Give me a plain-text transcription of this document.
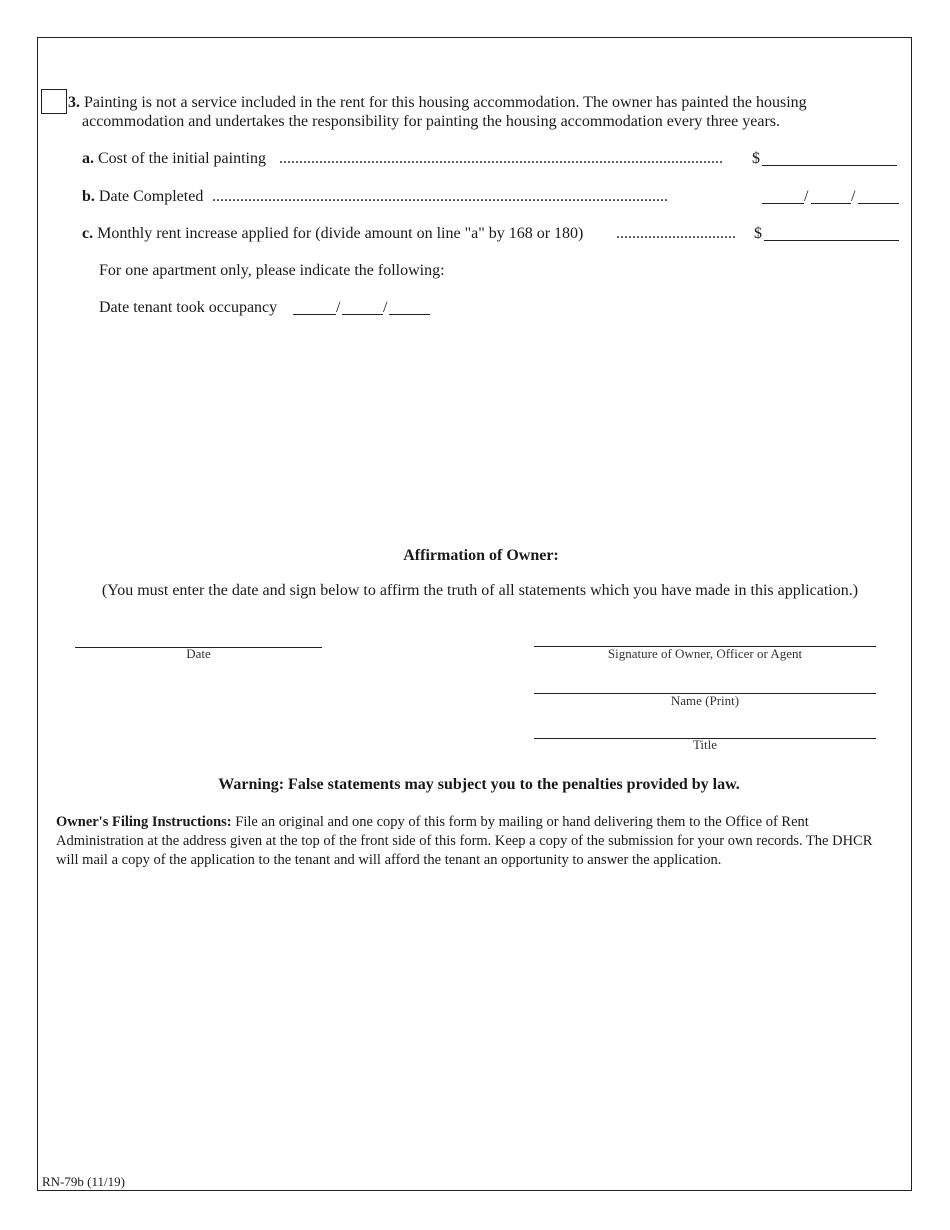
3. Painting is not a service included in the rent for this housing accommodation. The owner has painted the housing
accommodation and undertakes the responsibility for painting the housing accommodation every three years.
a. Cost of the initial painting ...............................................................................................................	$
b. Date Completed ..................................................................................................................	/	/
c. Monthly rent increase applied for (divide amount on line "a" by 168 or 180) ..............................	$
For one apartment only, please indicate the following:
Date tenant took occupancy	/	/
Affirmation of Owner:
(You must enter the date and sign below to affirm the truth of all statements which you have made in this application.)
Date	Signature of Owner, Officer or Agent
Name (Print)
Title
Warning: False statements may subject you to the penalties provided by law.
Owner's Filing Instructions: File an original and one copy of this form by mailing or hand delivering them to the Office of Rent Administration at the address given at the top of the front side of this form. Keep a copy of the submission for your own records. The DHCR will mail a copy of the application to the tenant and will afford the tenant an opportunity to answer the application.
RN-79b (11/19)
